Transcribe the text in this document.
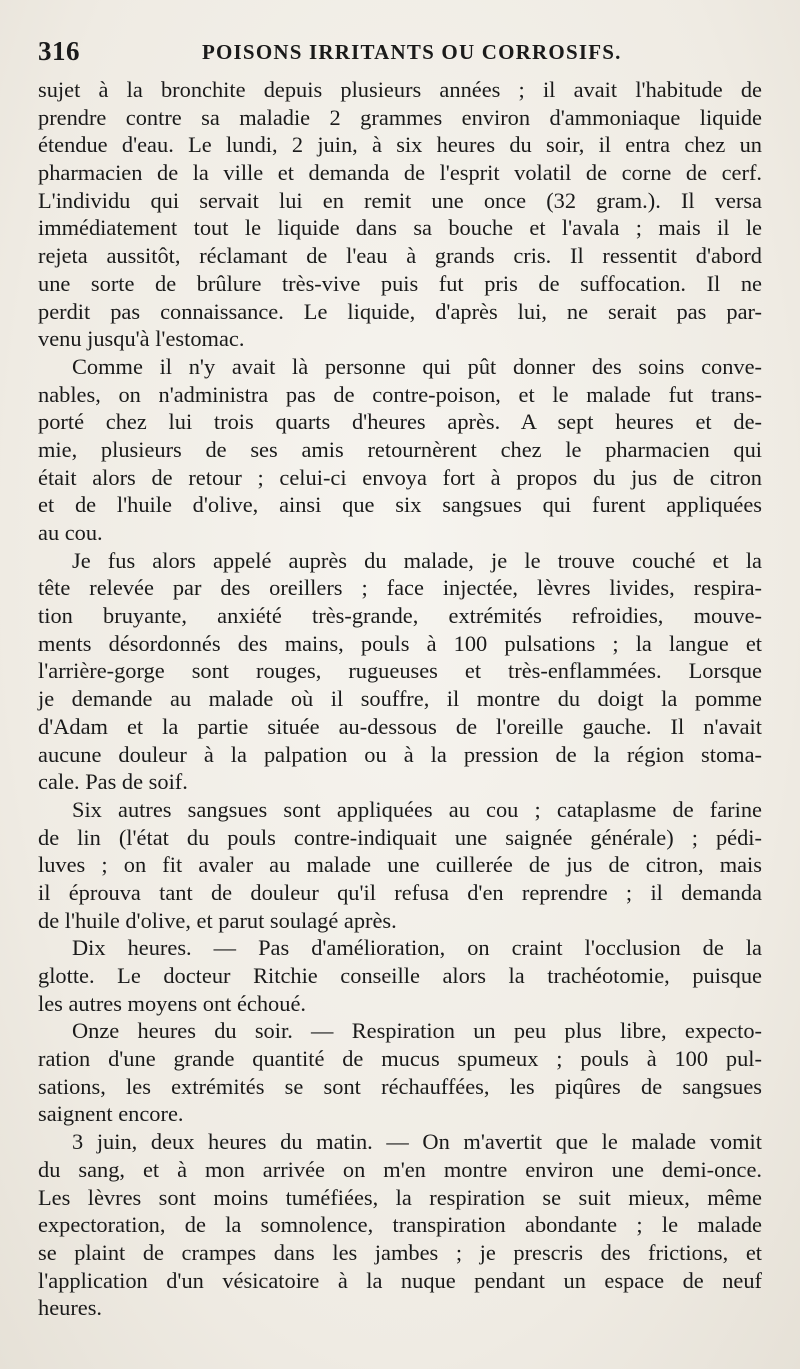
316	POISONS IRRITANTS OU CORROSIFS.
sujet à la bronchite depuis plusieurs années ; il avait l'habitude de
prendre contre sa maladie 2 grammes environ d'ammoniaque liquide
étendue d'eau. Le lundi, 2 juin, à six heures du soir, il entra chez un
pharmacien de la ville et demanda de l'esprit volatil de corne de cerf.
L'individu qui servait lui en remit une once (32 gram.). Il versa
immédiatement tout le liquide dans sa bouche et l'avala ; mais il le
rejeta aussitôt, réclamant de l'eau à grands cris. Il ressentit d'abord
une sorte de brûlure très-vive puis fut pris de suffocation. Il ne
perdit pas connaissance. Le liquide, d'après lui, ne serait pas par-
venu jusqu'à l'estomac.
Comme il n'y avait là personne qui pût donner des soins conve-
nables, on n'administra pas de contre-poison, et le malade fut trans-
porté chez lui trois quarts d'heures après. A sept heures et de-
mie, plusieurs de ses amis retournèrent chez le pharmacien qui
était alors de retour ; celui-ci envoya fort à propos du jus de citron
et de l'huile d'olive, ainsi que six sangsues qui furent appliquées
au cou.
Je fus alors appelé auprès du malade, je le trouve couché et la
tête relevée par des oreillers ; face injectée, lèvres livides, respira-
tion bruyante, anxiété très-grande, extrémités refroidies, mouve-
ments désordonnés des mains, pouls à 100 pulsations ; la langue et
l'arrière-gorge sont rouges, rugueuses et très-enflammées. Lorsque
je demande au malade où il souffre, il montre du doigt la pomme
d'Adam et la partie située au-dessous de l'oreille gauche. Il n'avait
aucune douleur à la palpation ou à la pression de la région stoma-
cale. Pas de soif.
Six autres sangsues sont appliquées au cou ; cataplasme de farine
de lin (l'état du pouls contre-indiquait une saignée générale) ; pédi-
luves ; on fit avaler au malade une cuillerée de jus de citron, mais
il éprouva tant de douleur qu'il refusa d'en reprendre ; il demanda
de l'huile d'olive, et parut soulagé après.
Dix heures. — Pas d'amélioration, on craint l'occlusion de la
glotte. Le docteur Ritchie conseille alors la trachéotomie, puisque
les autres moyens ont échoué.
Onze heures du soir. — Respiration un peu plus libre, expecto-
ration d'une grande quantité de mucus spumeux ; pouls à 100 pul-
sations, les extrémités se sont réchauffées, les piqûres de sangsues
saignent encore.
3 juin, deux heures du matin. — On m'avertit que le malade vomit
du sang, et à mon arrivée on m'en montre environ une demi-once.
Les lèvres sont moins tuméfiées, la respiration se suit mieux, même
expectoration, de la somnolence, transpiration abondante ; le malade
se plaint de crampes dans les jambes ; je prescris des frictions, et
l'application d'un vésicatoire à la nuque pendant un espace de neuf
heures.
